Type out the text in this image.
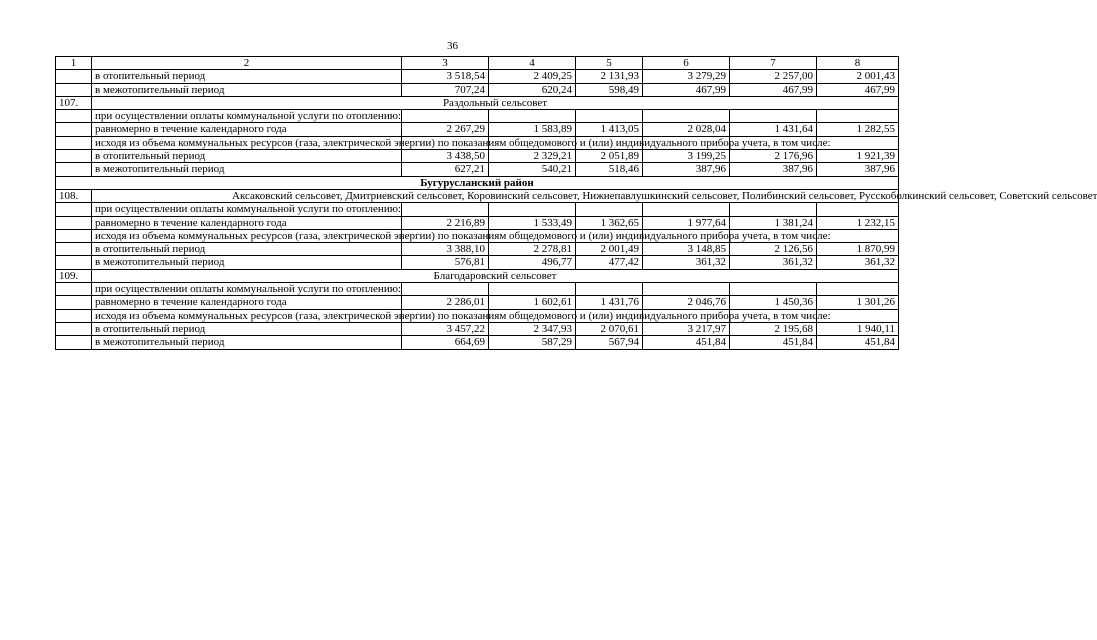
36
1	2	3	4	5	6	7	8
	в отопительный период	3 518,54	2 409,25	2 131,93	3 279,29	2 257,00	2 001,43
	в межотопительный период	707,24	620,24	598,49	467,99	467,99	467,99
107.	Раздольный сельсовет						
	при осуществлении оплаты коммунальной услуги по отоплению:						
	равномерно в течение календарного года	2 267,29	1 583,89	1 413,05	2 028,04	1 431,64	1 282,55
	исходя из объема коммунальных ресурсов (газа, электрической энергии) по показаниям общедомового и (или) индивидуального прибора учета, в том числе:						
	в отопительный период	3 438,50	2 329,21	2 051,89	3 199,25	2 176,96	1 921,39
	в межотопительный период	627,21	540,21	518,46	387,96	387,96	387,96
Бугурусланский район							
108.	Аксаковский сельсовет, Дмитриевский сельсовет, Коровинский сельсовет, Нижнепавлушкинский сельсовет, Полибинский сельсовет, Русскоболкинский сельсовет, Советский сельсовет						
	при осуществлении оплаты коммунальной услуги по отоплению:						
	равномерно в течение календарного года	2 216,89	1 533,49	1 362,65	1 977,64	1 381,24	1 232,15
	исходя из объема коммунальных ресурсов (газа, электрической энергии) по показаниям общедомового и (или) индивидуального прибора учета, в том числе:						
	в отопительный период	3 388,10	2 278,81	2 001,49	3 148,85	2 126,56	1 870,99
	в межотопительный период	576,81	496,77	477,42	361,32	361,32	361,32
109.	Благодаровский сельсовет						
	при осуществлении оплаты коммунальной услуги по отоплению:						
	равномерно в течение календарного года	2 286,01	1 602,61	1 431,76	2 046,76	1 450,36	1 301,26
	исходя из объема коммунальных ресурсов (газа, электрической энергии) по показаниям общедомового и (или) индивидуального прибора учета, в том числе:						
	в отопительный период	3 457,22	2 347,93	2 070,61	3 217,97	2 195,68	1 940,11
	в межотопительный период	664,69	587,29	567,94	451,84	451,84	451,84
